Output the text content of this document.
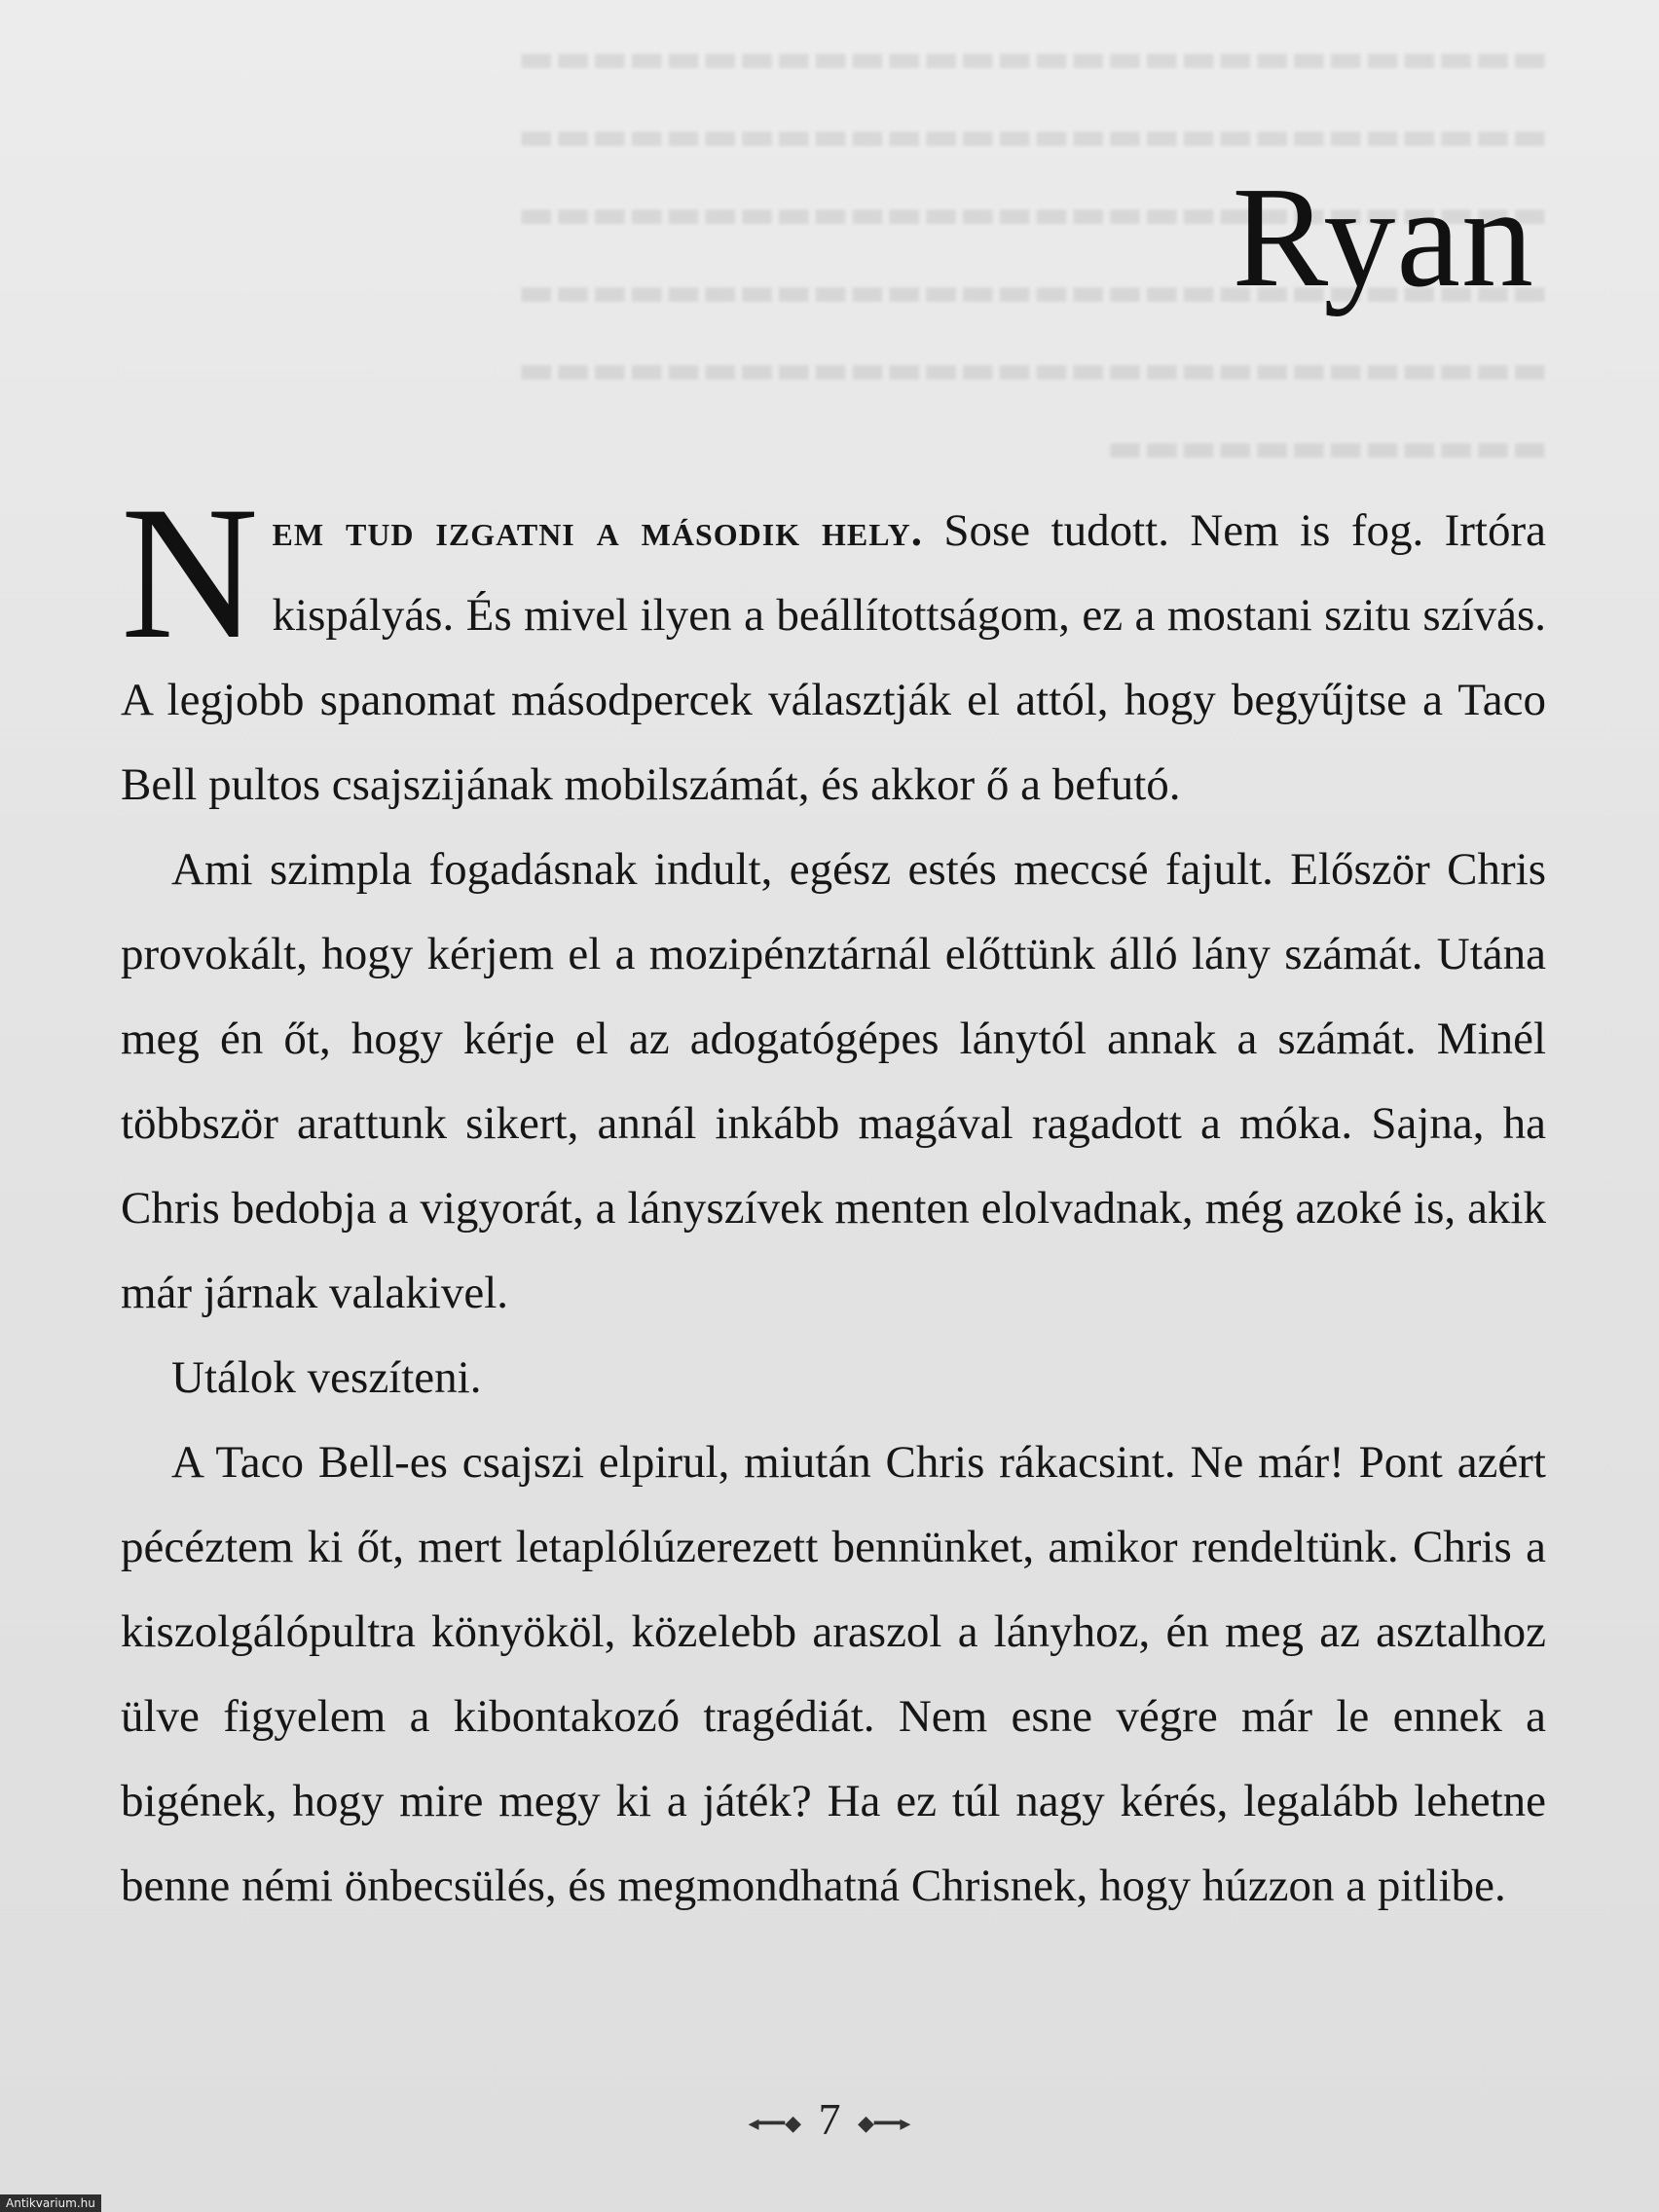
▬▬▬▬▬▬▬▬▬▬▬▬▬▬▬▬▬▬▬▬▬▬▬▬▬▬▬▬
▬▬▬▬▬▬▬▬▬▬▬▬▬▬▬▬▬▬▬▬▬▬▬▬▬▬▬▬
▬▬▬▬▬▬▬▬▬▬▬▬▬▬▬▬▬▬▬▬▬▬▬▬▬▬▬▬
▬▬▬▬▬▬▬▬▬▬▬▬▬▬▬▬▬▬▬▬▬▬▬▬▬▬▬▬
▬▬▬▬▬▬▬▬▬▬▬▬▬▬▬▬▬▬▬▬▬▬▬▬▬▬▬▬
▬▬▬▬▬▬▬▬▬▬▬▬
Ryan

Nem tud izgatni a második hely. Sose tudott. Nem is fog. Irtóra kispályás. És mivel ilyen a beállítottságom, ez a mostani szitu szívás. A legjobb spanomat másodpercek választják el attól, hogy begyűjtse a Taco Bell pultos csajszijának mobilszámát, és akkor ő a befutó.

Ami szimpla fogadásnak indult, egész estés meccsé fajult. Először Chris provokált, hogy kérjem el a mozipénztárnál előttünk álló lány számát. Utána meg én őt, hogy kérje el az adogatógépes lánytól annak a számát. Minél többször arattunk sikert, annál inkább magával ragadott a móka. Sajna, ha Chris bedobja a vigyorát, a lányszívek menten elolvadnak, még azoké is, akik már járnak valakivel.

Utálok veszíteni.

A Taco Bell-es csajszi elpirul, miután Chris rákacsint. Ne már! Pont azért pécéztem ki őt, mert letaplólúzerezett bennünket, amikor rendeltünk. Chris a kiszolgálópultra könyököl, közelebb araszol a lányhoz, én meg az asztalhoz ülve figyelem a kibontakozó tragédiát. Nem esne végre már le ennek a bigének, hogy mire megy ki a játék? Ha ez túl nagy kérés, legalább lehetne benne némi önbecsülés, és megmondhatná Chrisnek, hogy húzzon a pitlibe.

◂━━◆ 7 ◆━━▸
Antikvarium.hu
